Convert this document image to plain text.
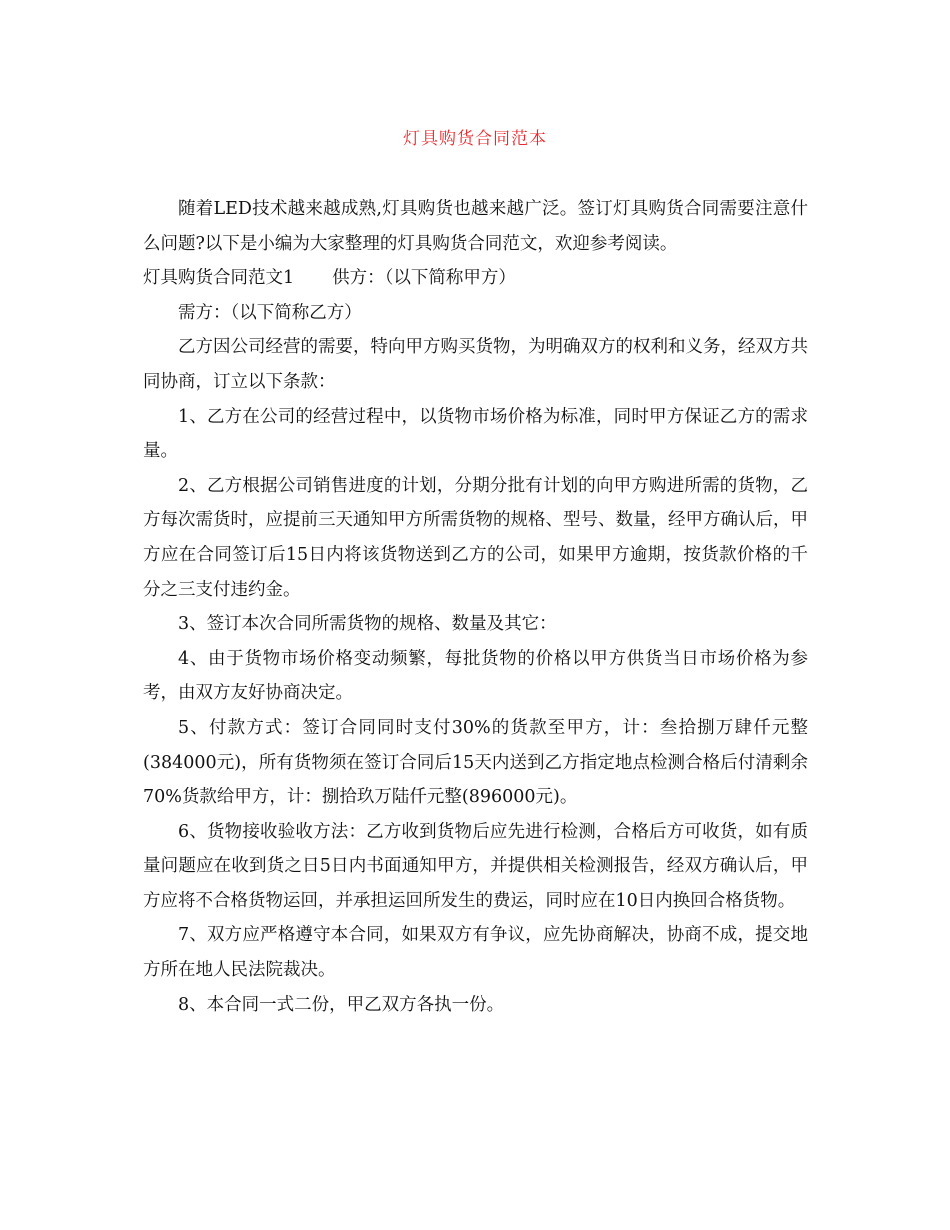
灯具购货合同范本

随着LED技术越来越成熟,灯具购货也越来越广泛。签订灯具购货合同需要注意什么问题?以下是小编为大家整理的灯具购货合同范文，欢迎参考阅读。

灯具购货合同范文1 供方：（以下简称甲方）

需方：（以下简称乙方）

乙方因公司经营的需要，特向甲方购买货物，为明确双方的权利和义务，经双方共同协商，订立以下条款：

1、乙方在公司的经营过程中，以货物市场价格为标准，同时甲方保证乙方的需求量。

2、乙方根据公司销售进度的计划，分期分批有计划的向甲方购进所需的货物，乙方每次需货时，应提前三天通知甲方所需货物的规格、型号、数量，经甲方确认后，甲方应在合同签订后15日内将该货物送到乙方的公司，如果甲方逾期，按货款价格的千分之三支付违约金。

3、签订本次合同所需货物的规格、数量及其它：

4、由于货物市场价格变动频繁，每批货物的价格以甲方供货当日市场价格为参考，由双方友好协商决定。

5、付款方式：签订合同同时支付30%的货款至甲方，计：叁拾捌万肆仟元整(384000元)，所有货物须在签订合同后15天内送到乙方指定地点检测合格后付清剩余70%货款给甲方，计：捌拾玖万陆仟元整(896000元)。

6、货物接收验收方法：乙方收到货物后应先进行检测，合格后方可收货，如有质量问题应在收到货之日5日内书面通知甲方，并提供相关检测报告，经双方确认后，甲方应将不合格货物运回，并承担运回所发生的费运，同时应在10日内换回合格货物。

7、双方应严格遵守本合同，如果双方有争议，应先协商解决，协商不成，提交地方所在地人民法院裁决。

8、本合同一式二份，甲乙双方各执一份。
